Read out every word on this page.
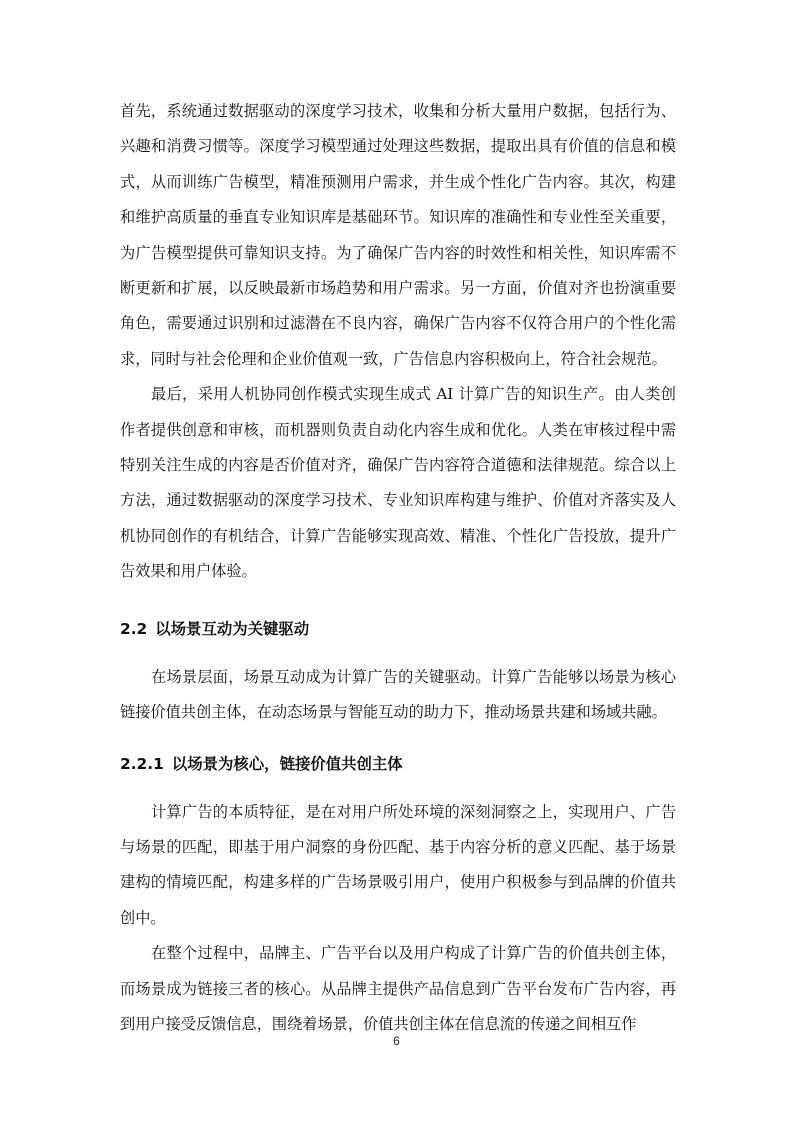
首先，系统通过数据驱动的深度学习技术，收集和分析大量用户数据，包括行为、兴趣和消费习惯等。深度学习模型通过处理这些数据，提取出具有价值的信息和模式，从而训练广告模型，精准预测用户需求，并生成个性化广告内容。其次，构建和维护高质量的垂直专业知识库是基础环节。知识库的准确性和专业性至关重要，为广告模型提供可靠知识支持。为了确保广告内容的时效性和相关性，知识库需不断更新和扩展，以反映最新市场趋势和用户需求。另一方面，价值对齐也扮演重要角色，需要通过识别和过滤潜在不良内容，确保广告内容不仅符合用户的个性化需求，同时与社会伦理和企业价值观一致，广告信息内容积极向上，符合社会规范。

最后，采用人机协同创作模式实现生成式 AI 计算广告的知识生产。由人类创作者提供创意和审核，而机器则负责自动化内容生成和优化。人类在审核过程中需特别关注生成的内容是否价值对齐，确保广告内容符合道德和法律规范。综合以上方法，通过数据驱动的深度学习技术、专业知识库构建与维护、价值对齐落实及人机协同创作的有机结合，计算广告能够实现高效、精准、个性化广告投放，提升广告效果和用户体验。

2.2 以场景互动为关键驱动

在场景层面，场景互动成为计算广告的关键驱动。计算广告能够以场景为核心链接价值共创主体，在动态场景与智能互动的助力下，推动场景共建和场域共融。

2.2.1 以场景为核心，链接价值共创主体

计算广告的本质特征，是在对用户所处环境的深刻洞察之上，实现用户、广告与场景的匹配，即基于用户洞察的身份匹配、基于内容分析的意义匹配、基于场景建构的情境匹配，构建多样的广告场景吸引用户，使用户积极参与到品牌的价值共创中。

在整个过程中，品牌主、广告平台以及用户构成了计算广告的价值共创主体，而场景成为链接三者的核心。从品牌主提供产品信息到广告平台发布广告内容，再到用户接受反馈信息，围绕着场景，价值共创主体在信息流的传递之间相互作

6
